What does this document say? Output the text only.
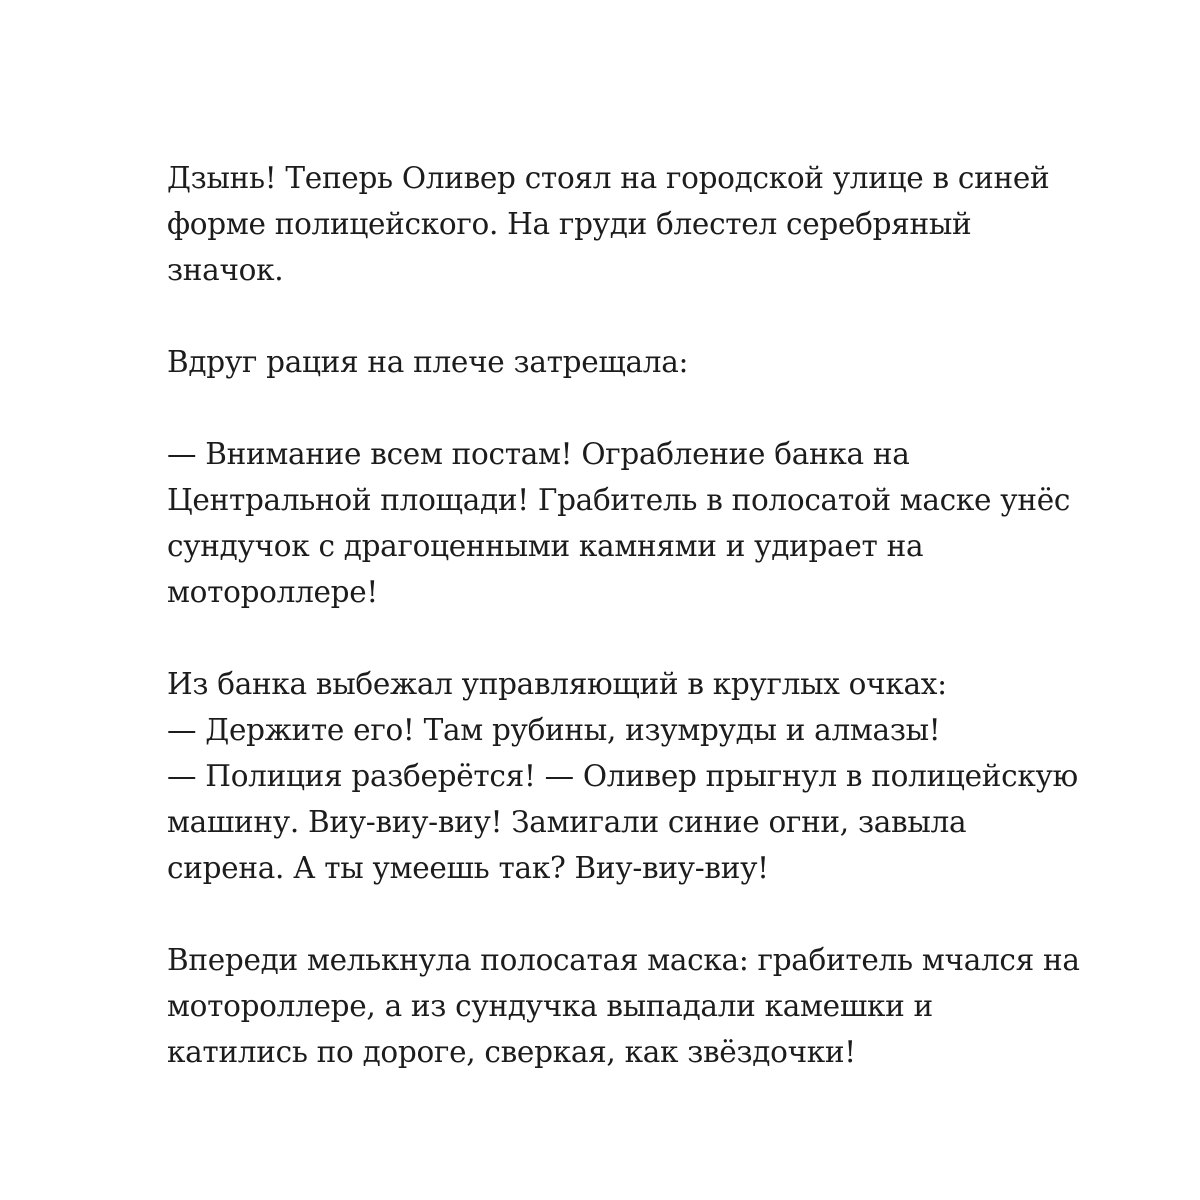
Дзынь! Теперь Оливер стоял на городской улице в синей
форме полицейского. На груди блестел серебряный
значок.

Вдруг рация на плече затрещала:

— Внимание всем постам! Ограбление банка на
Центральной площади! Грабитель в полосатой маске унёс
сундучок с драгоценными камнями и удирает на
мотороллере!

Из банка выбежал управляющий в круглых очках:
— Держите его! Там рубины, изумруды и алмазы!
— Полиция разберётся! — Оливер прыгнул в полицейскую
машину. Виу-виу-виу! Замигали синие огни, завыла
сирена. А ты умеешь так? Виу-виу-виу!

Впереди мелькнула полосатая маска: грабитель мчался на
мотороллере, а из сундучка выпадали камешки и
катились по дороге, сверкая, как звёздочки!
